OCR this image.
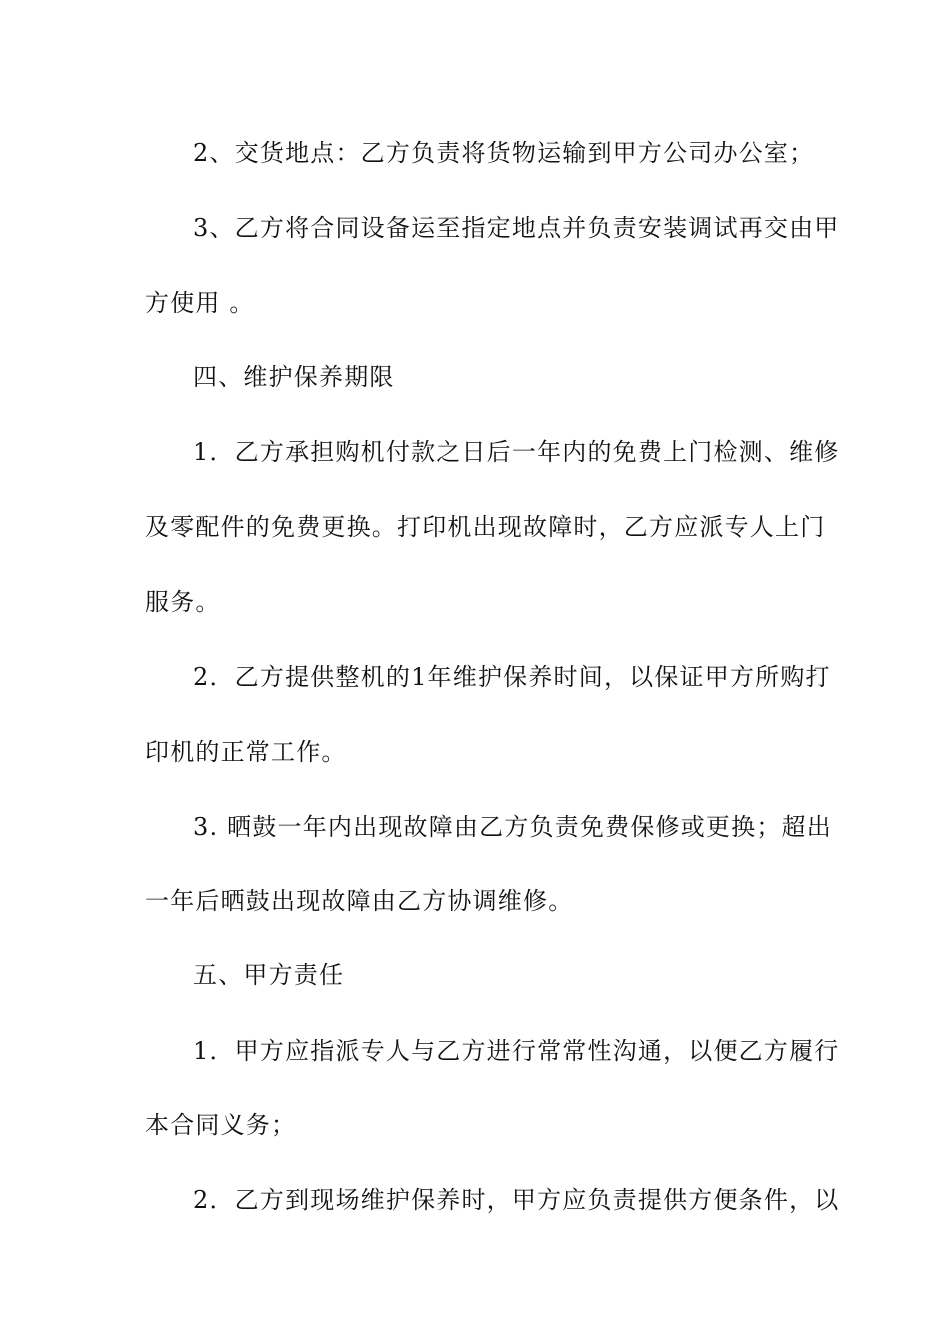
2、交货地点：乙方负责将货物运输到甲方公司办公室；
3、乙方将合同设备运至指定地点并负责安装调试再交由甲
方使用 。
四、维护保养期限
1．乙方承担购机付款之日后一年内的免费上门检测、维修
及零配件的免费更换。打印机出现故障时，乙方应派专人上门
服务。
2．乙方提供整机的1年维护保养时间，以保证甲方所购打
印机的正常工作。
3. 晒鼓一年内出现故障由乙方负责免费保修或更换；超出
一年后晒鼓出现故障由乙方协调维修。
五、甲方责任
1．甲方应指派专人与乙方进行常常性沟通，以便乙方履行
本合同义务；
2．乙方到现场维护保养时，甲方应负责提供方便条件，以
